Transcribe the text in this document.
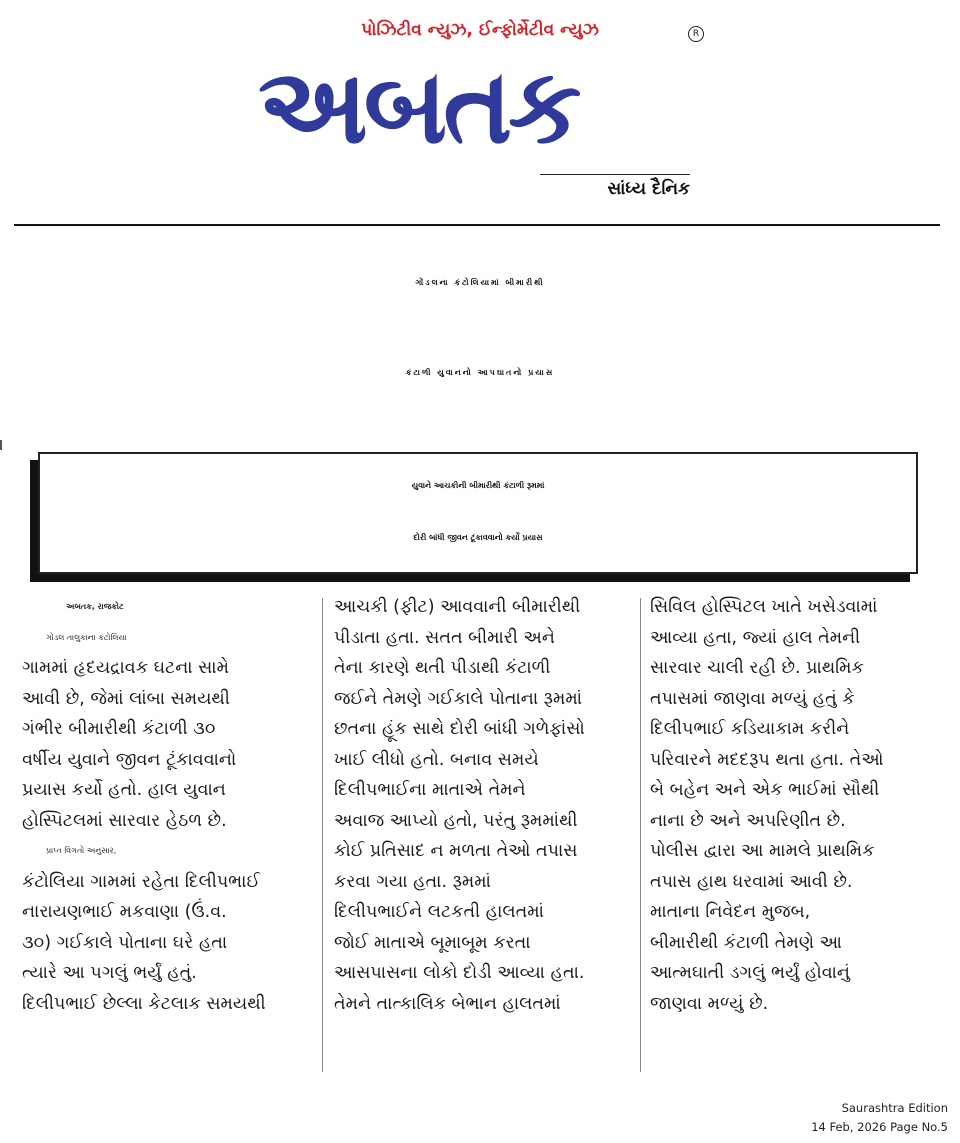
પોઝિટીવ ન્યુઝ, ઈન્ફોર્મેટીવ ન્યુઝ
અબતક
R
સાંધ્ય દૈનિક
ગોંડલના કંટોલિયામાં બીમારીથી
કંટાળી યુવાનનો આપઘાતનો પ્રયાસ
યુવાને આચકીની બીમારીથી કંટાળી રૂમમાં
દોરી બાંધી જીવન ટૂંકાવવાનો કર્યો પ્રયાસ

અબતક, રાજકોટ

ગોંડલ તાલુકાના કંટોલિયા

ગામમાં હૃદયદ્રાવક ઘટના સામે

આવી છે, જેમાં લાંબા સમયથી

ગંભીર બીમારીથી કંટાળી ૩૦

વર્ષીય યુવાને જીવન ટૂંકાવવાનો

પ્રયાસ કર્યો હતો. હાલ યુવાન

હોસ્પિટલમાં સારવાર હેઠળ છે.

પ્રાપ્ત વિગતો અનુસાર,

કંટોલિયા ગામમાં રહેતા દિલીપભાઈ

નારાયણભાઈ મકવાણા (ઉં.વ.

૩૦) ગઈકાલે પોતાના ઘરે હતા

ત્યારે આ પગલું ભર્યું હતું.

દિલીપભાઈ છેલ્લા કેટલાક સમયથી

આચકી (ફીટ) આવવાની બીમારીથી

પીડાતા હતા. સતત બીમારી અને

તેના કારણે થતી પીડાથી કંટાળી

જઈને તેમણે ગઈકાલે પોતાના રૂમમાં

છતના હૂંક સાથે દોરી બાંધી ગળેફાંસો

ખાઈ લીધો હતો. બનાવ સમયે

દિલીપભાઈના માતાએ તેમને

અવાજ આપ્યો હતો, પરંતુ રૂમમાંથી

કોઈ પ્રતિસાદ ન મળતા તેઓ તપાસ

કરવા ગયા હતા. રૂમમાં

દિલીપભાઈને લટકતી હાલતમાં

જોઈ માતાએ બૂમાબૂમ કરતા

આસપાસના લોકો દોડી આવ્યા હતા.

તેમને તાત્કાલિક બેભાન હાલતમાં

સિવિલ હોસ્પિટલ ખાતે ખસેડવામાં

આવ્યા હતા, જ્યાં હાલ તેમની

સારવાર ચાલી રહી છે. પ્રાથમિક

તપાસમાં જાણવા મળ્યું હતું કે

દિલીપભાઈ કડિયાકામ કરીને

પરિવારને મદદરૂપ થતા હતા. તેઓ

બે બહેન અને એક ભાઈમાં સૌથી

નાના છે અને અપરિણીત છે.

પોલીસ દ્વારા આ મામલે પ્રાથમિક

તપાસ હાથ ધરવામાં આવી છે.

માતાના નિવેદન મુજબ,

બીમારીથી કંટાળી તેમણે આ

આત્મઘાતી ડગલું ભર્યું હોવાનું

જાણવા મળ્યું છે.

Saurashtra Edition
14 Feb, 2026 Page No.5
